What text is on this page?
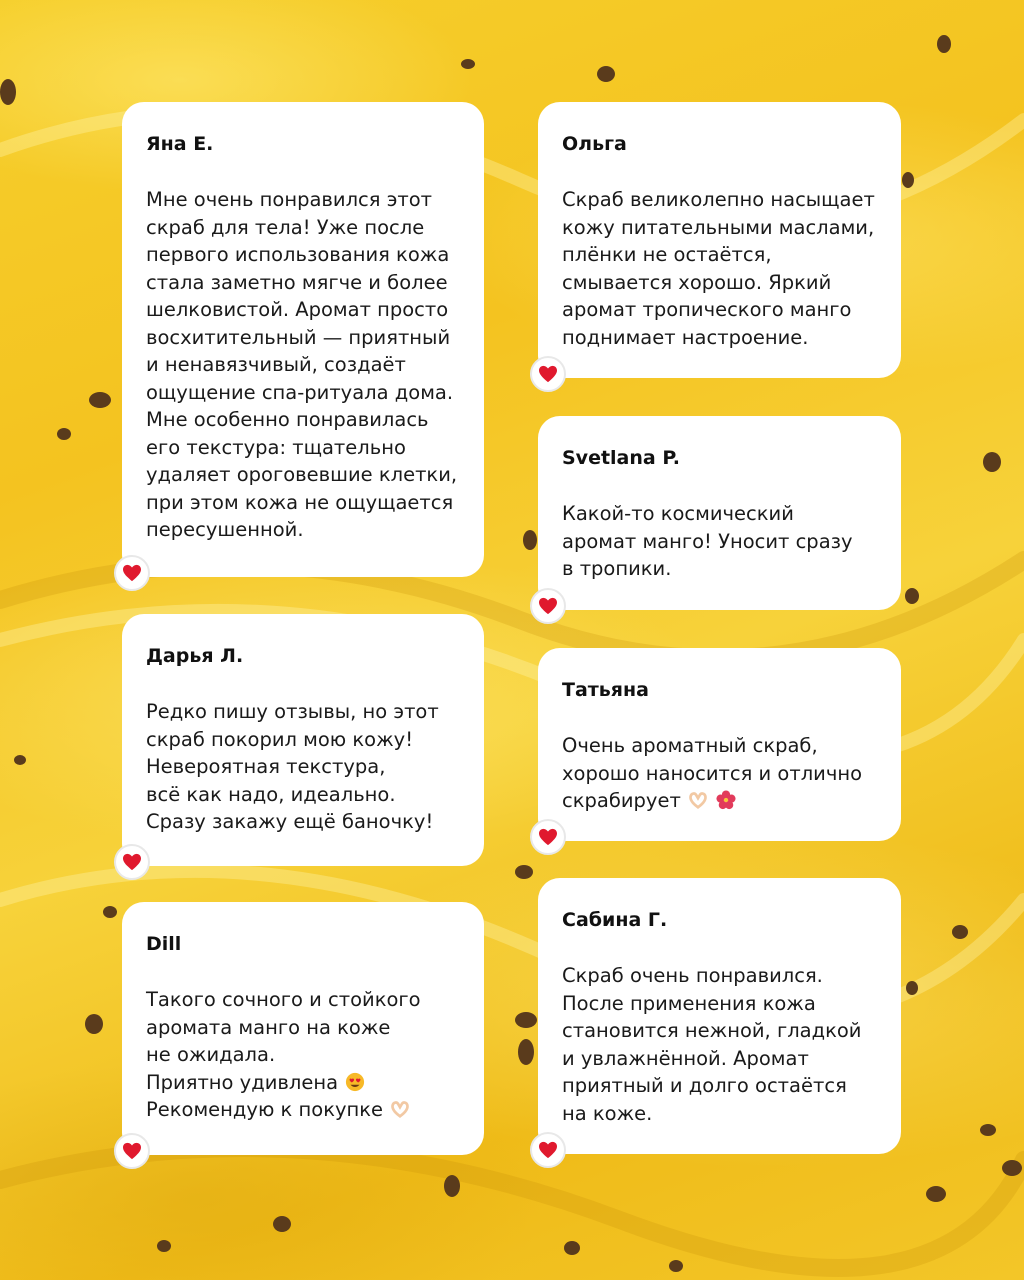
Яна Е.

Мне очень понравился этот
скраб для тела! Уже после
первого использования кожа
стала заметно мягче и более
шелковистой. Аромат просто
восхитительный — приятный
и ненавязчивый, создаёт
ощущение спа-ритуала дома.
Мне особенно понравилась
его текстура: тщательно
удаляет ороговевшие клетки,
при этом кожа не ощущается
пересушенной.

Дарья Л.

Редко пишу отзывы, но этот
скраб покорил мою кожу!
Невероятная текстура,
всё как надо, идеально.
Сразу закажу ещё баночку!

Dill

Такого сочного и стойкого
аромата манго на коже
не ожидала.
Приятно удивлена
Рекомендую к покупке

Ольга

Скраб великолепно насыщает
кожу питательными маслами,
плёнки не остаётся,
смывается хорошо. Яркий
аромат тропического манго
поднимает настроение.

Svetlana P.

Какой-то космический
аромат манго! Уносит сразу
в тропики.

Татьяна

Очень ароматный скраб,
хорошо наносится и отлично
скрабирует

Сабина Г.

Скраб очень понравился.
После применения кожа
становится нежной, гладкой
и увлажнённой. Аромат
приятный и долго остаётся
на коже.
